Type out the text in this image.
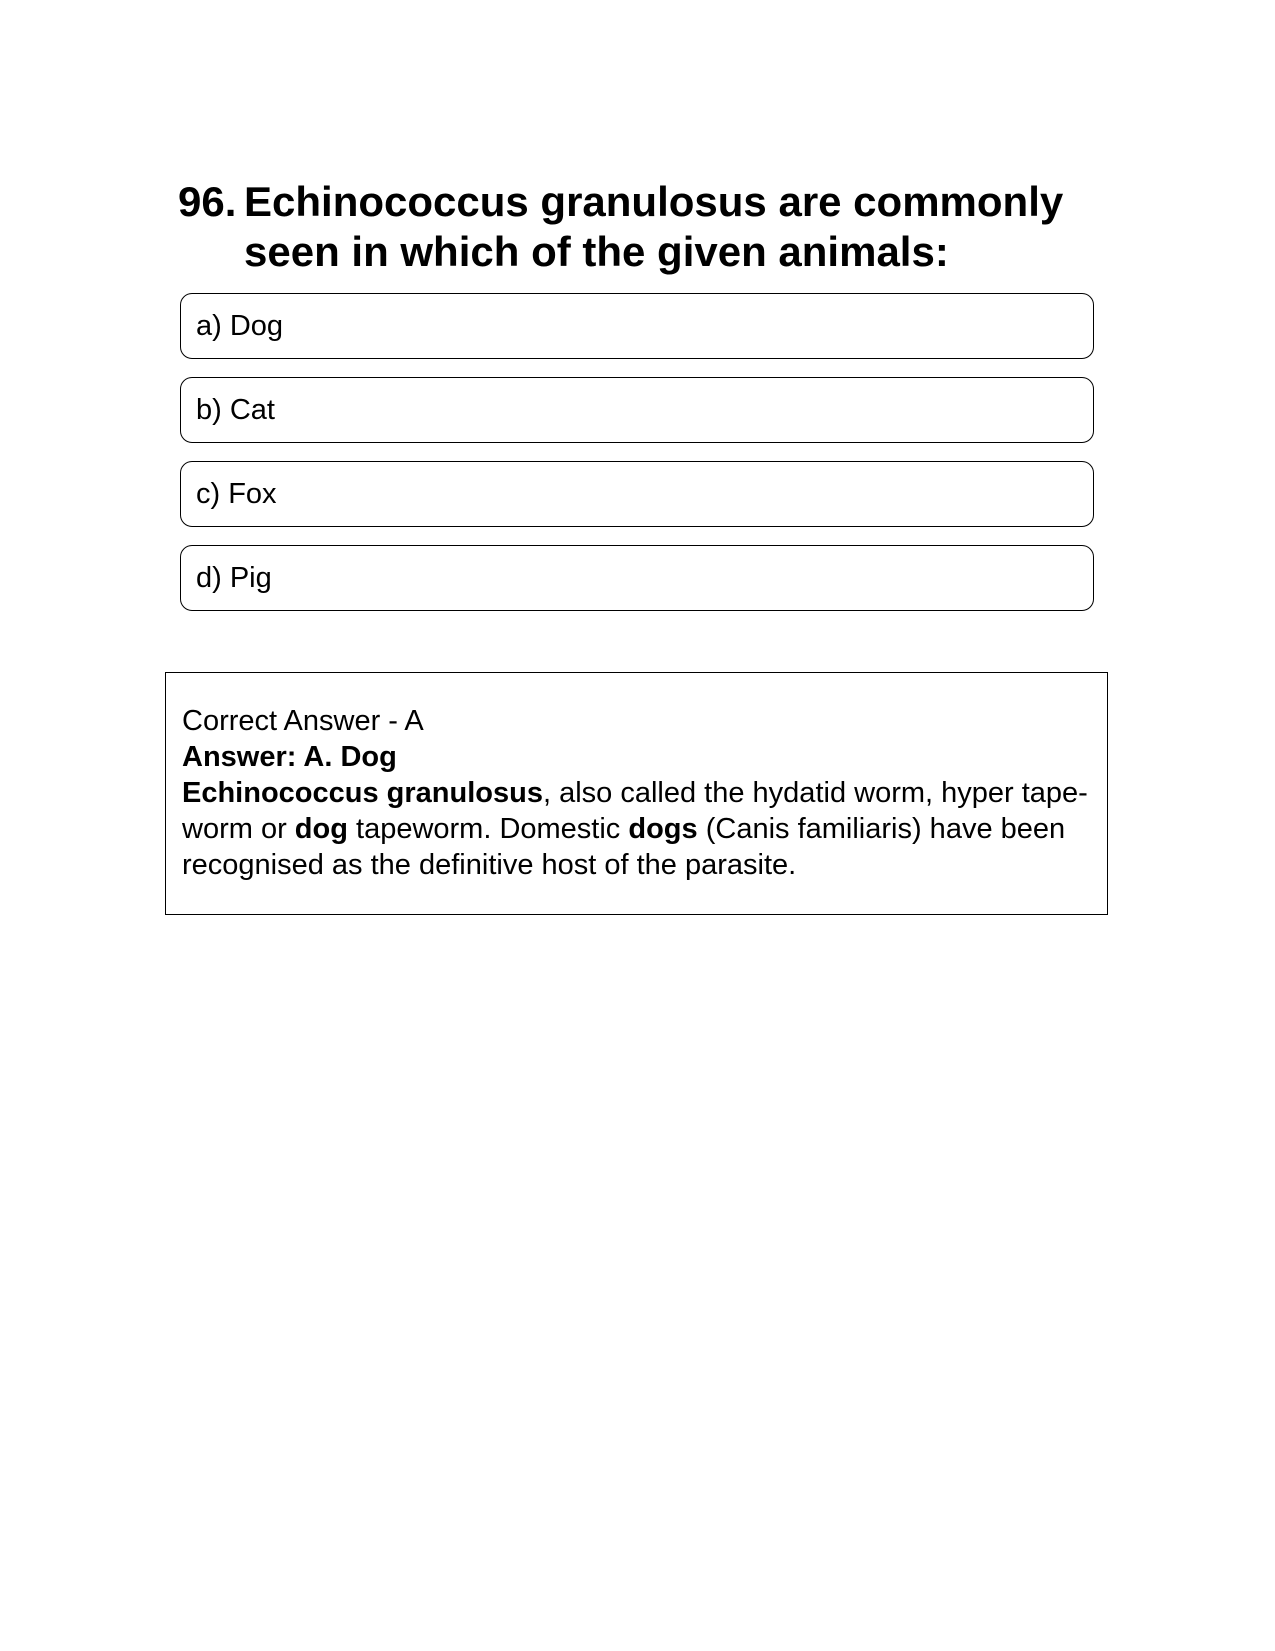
96. Echinococcus granulosus are commonly seen in which of the given animals:
a) Dog
b) Cat
c) Fox
d) Pig
Correct Answer - A
Answer: A. Dog
Echinococcus granulosus, also called the hydatid worm, hyper tape-worm or dog tapeworm. Domestic dogs (Canis familiaris) have been recognised as the definitive host of the parasite.
